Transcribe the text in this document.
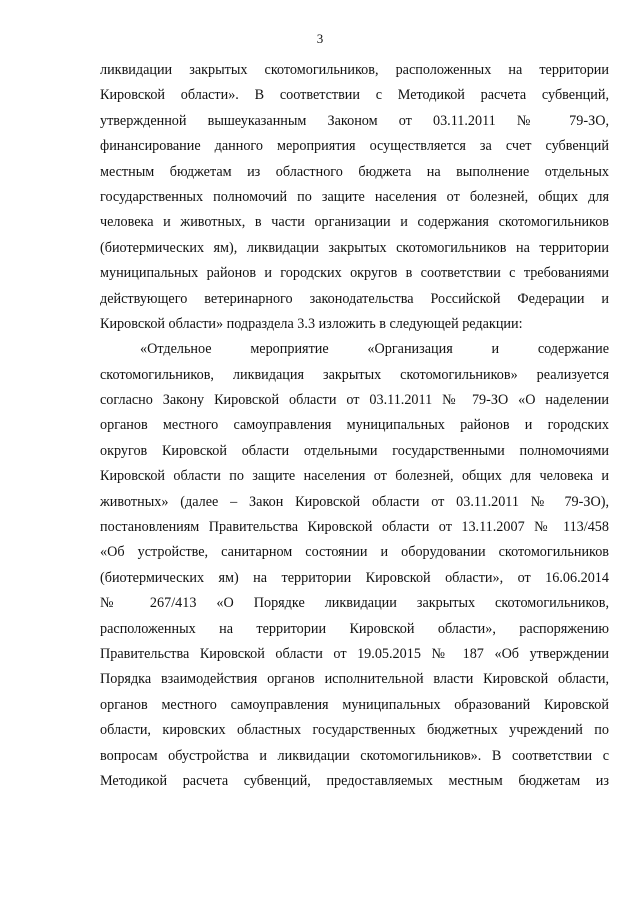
3
ликвидации закрытых скотомогильников, расположенных на территории
Кировской области». В соответствии с Методикой расчета субвенций,
утвержденной вышеуказанным Законом от 03.11.2011 № 79-ЗО,
финансирование данного мероприятия осуществляется за счет субвенций
местным бюджетам из областного бюджета на выполнение отдельных
государственных полномочий по защите населения от болезней, общих для
человека и животных, в части организации и содержания скотомогильников
(биотермических ям), ликвидации закрытых скотомогильников на территории
муниципальных районов и городских округов в соответствии с требованиями
действующего ветеринарного законодательства Российской Федерации и
Кировской области» подраздела 3.3 изложить в следующей редакции:
«Отдельное мероприятие «Организация и содержание
скотомогильников, ликвидация закрытых скотомогильников» реализуется
согласно Закону Кировской области от 03.11.2011 № 79-ЗО «О наделении
органов местного самоуправления муниципальных районов и городских
округов Кировской области отдельными государственными полномочиями
Кировской области по защите населения от болезней, общих для человека и
животных» (далее – Закон Кировской области от 03.11.2011 № 79-ЗО),
постановлениям Правительства Кировской области от 13.11.2007 № 113/458
«Об устройстве, санитарном состоянии и оборудовании скотомогильников
(биотермических ям) на территории Кировской области», от 16.06.2014
№ 267/413 «О Порядке ликвидации закрытых скотомогильников,
расположенных на территории Кировской области», распоряжению
Правительства Кировской области от 19.05.2015 № 187 «Об утверждении
Порядка взаимодействия органов исполнительной власти Кировской области,
органов местного самоуправления муниципальных образований Кировской
области, кировских областных государственных бюджетных учреждений по
вопросам обустройства и ликвидации скотомогильников». В соответствии с
Методикой расчета субвенций, предоставляемых местным бюджетам из
